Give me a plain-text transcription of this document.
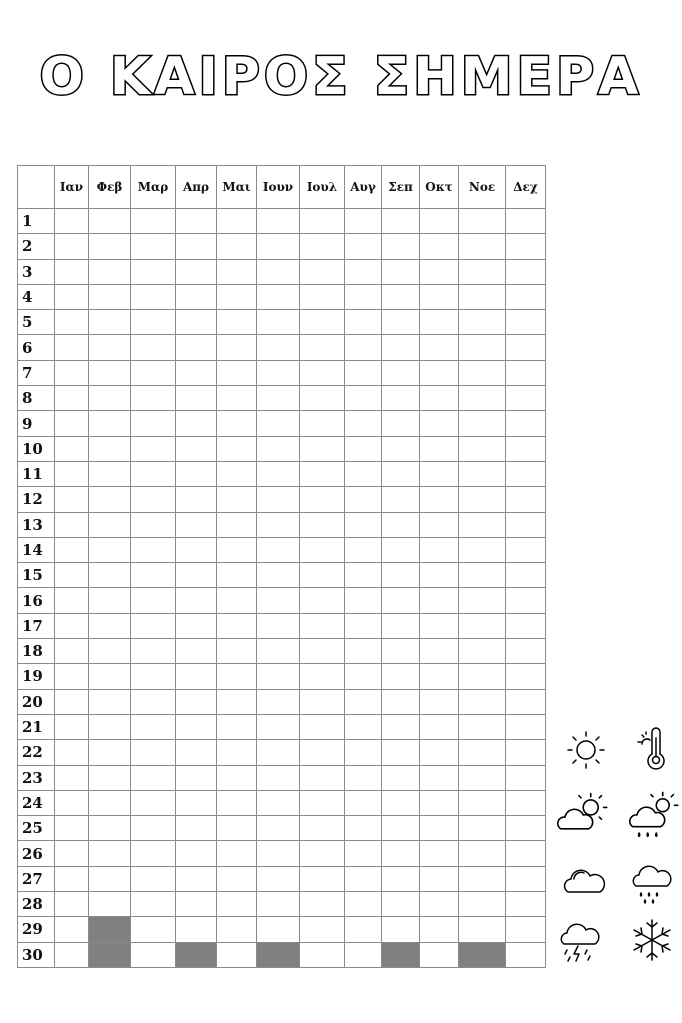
Ο ΚΑΙΡΟΣ ΣΗΜΕΡΑ
	Ιαν	Φεβ	Μαρ	Απρ	Μαι	Ιουν	Ιουλ	Αυγ	Σεπ	Οκτ	Νοε	Δεχ
1												
2												
3												
4												
5												
6												
7												
8												
9												
10												
11												
12												
13												
14												
15												
16												
17												
18												
19												
20												
21												
22												
23												
24												
25												
26												
27												
28												
29												
30												
